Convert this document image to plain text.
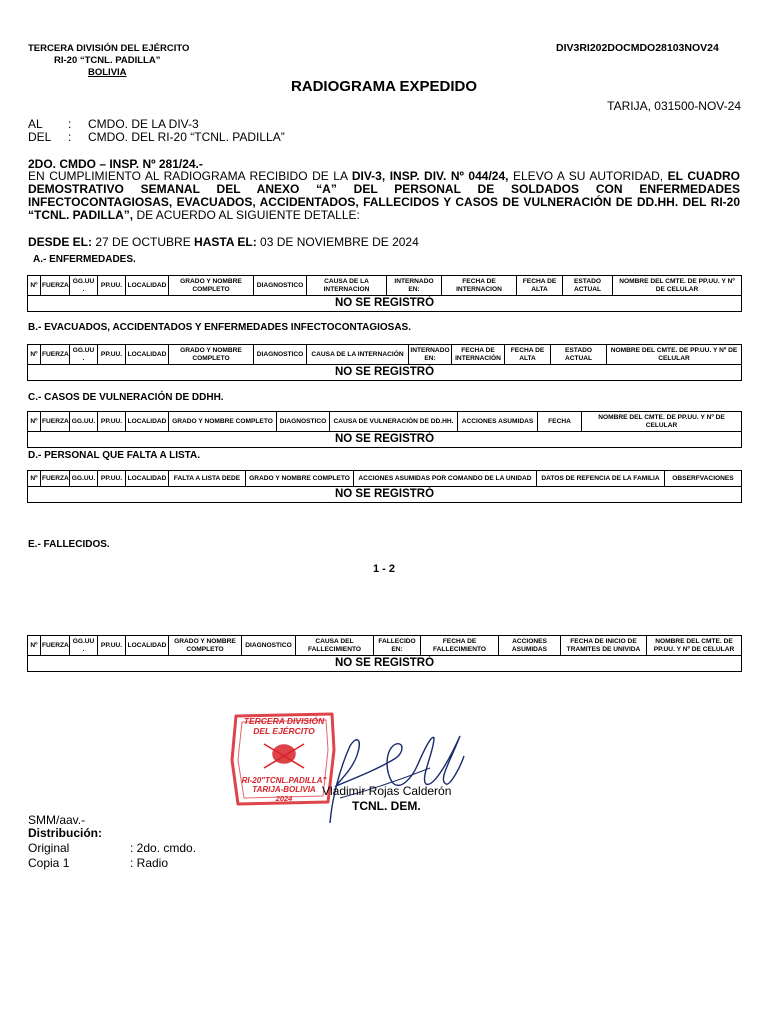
TERCERA DIVISIÓN DEL EJÉRCITO
RI-20 “TCNL. PADILLA”
BOLIVIA
DIV3RI202DOCMDO28103NOV24
RADIOGRAMA EXPEDIDO
TARIJA, 031500-NOV-24
AL : CMDO. DE LA DIV-3
DEL : CMDO. DEL RI-20 “TCNL. PADILLA”
2DO. CMDO – INSP. Nº 281/24.-
EN CUMPLIMIENTO AL RADIOGRAMA RECIBIDO DE LA DIV-3, INSP. DIV. Nº 044/24, ELEVO A SU AUTORIDAD, EL CUADRO DEMOSTRATIVO SEMANAL DEL ANEXO “A” DEL PERSONAL DE SOLDADOS CON ENFERMEDADES INFECTOCONTAGIOSAS, EVACUADOS, ACCIDENTADOS, FALLECIDOS Y CASOS DE VULNERACIÓN DE DD.HH. DEL RI-20 “TCNL. PADILLA”, DE ACUERDO AL SIGUIENTE DETALLE:
DESDE EL: 27 DE OCTUBRE HASTA EL: 03 DE NOVIEMBRE DE 2024
A.- ENFERMEDADES.
Nº	FUERZA	GG.UU .	PP.UU.	LOCALIDAD	GRADO Y NOMBRE COMPLETO	DIAGNOSTICO	CAUSA DE LA INTERNACION	INTERNADO EN:	FECHA DE INTERNACION	FECHA DE ALTA	ESTADO ACTUAL	NOMBRE DEL CMTE. DE PP.UU. Y Nº DE CELULAR
NO SE REGISTRÓ
B.- EVACUADOS, ACCIDENTADOS Y ENFERMEDADES INFECTOCONTAGIOSAS.
Nº	FUERZA	GG.UU .	PP.UU.	LOCALIDAD	GRADO Y NOMBRE COMPLETO	DIAGNOSTICO	CAUSA DE LA INTERNACIÓN	INTERNADO EN:	FECHA DE INTERNACIÓN	FECHA DE ALTA	ESTADO ACTUAL	NOMBRE DEL CMTE. DE PP.UU. Y Nº DE CELULAR
NO SE REGISTRÓ
C.- CASOS DE VULNERACIÓN DE DDHH.
Nº	FUERZA	GG.UU.	PP.UU.	LOCALIDAD	GRADO Y NOMBRE COMPLETO	DIAGNOSTICO	CAUSA DE VULNERACIÓN DE DD.HH.	ACCIONES ASUMIDAS	FECHA	NOMBRE DEL CMTE. DE PP.UU. Y Nº DE CELULAR
NO SE REGISTRÓ
D.- PERSONAL QUE FALTA A LISTA.
Nº	FUERZA	GG.UU.	PP.UU.	LOCALIDAD	FALTA A LISTA DEDE	GRADO Y NOMBRE COMPLETO	ACCIONES ASUMIDAS POR COMANDO DE LA UNIDAD	DATOS DE REFENCIA DE LA FAMILIA	OBSERFVACIONES
NO SE REGISTRÓ
E.- FALLECIDOS.
1 - 2
Nº	FUERZA	GG.UU .	PP.UU.	LOCALIDAD	GRADO Y NOMBRE COMPLETO	DIAGNOSTICO	CAUSA DEL FALLECIMIENTO	FALLECIDO EN:	FECHA DE FALLECIMIENTO	ACCIONES ASUMIDAS	FECHA DE INICIO DE TRAMITES DE UNIVIDA	NOMBRE DEL CMTE. DE PP.UU. Y Nº DE CELULAR
NO SE REGISTRÓ
TERCERA DIVISIÓN
DEL EJÉRCITO
RI-20"TCNL.PADILLA"
TARIJA-BOLIVIA
2024
Vladimir Rojas Calderón
TCNL. DEM.
SMM/aav.-
Distribución:
Original	: 2do. cmdo.
Copia 1	: Radio
